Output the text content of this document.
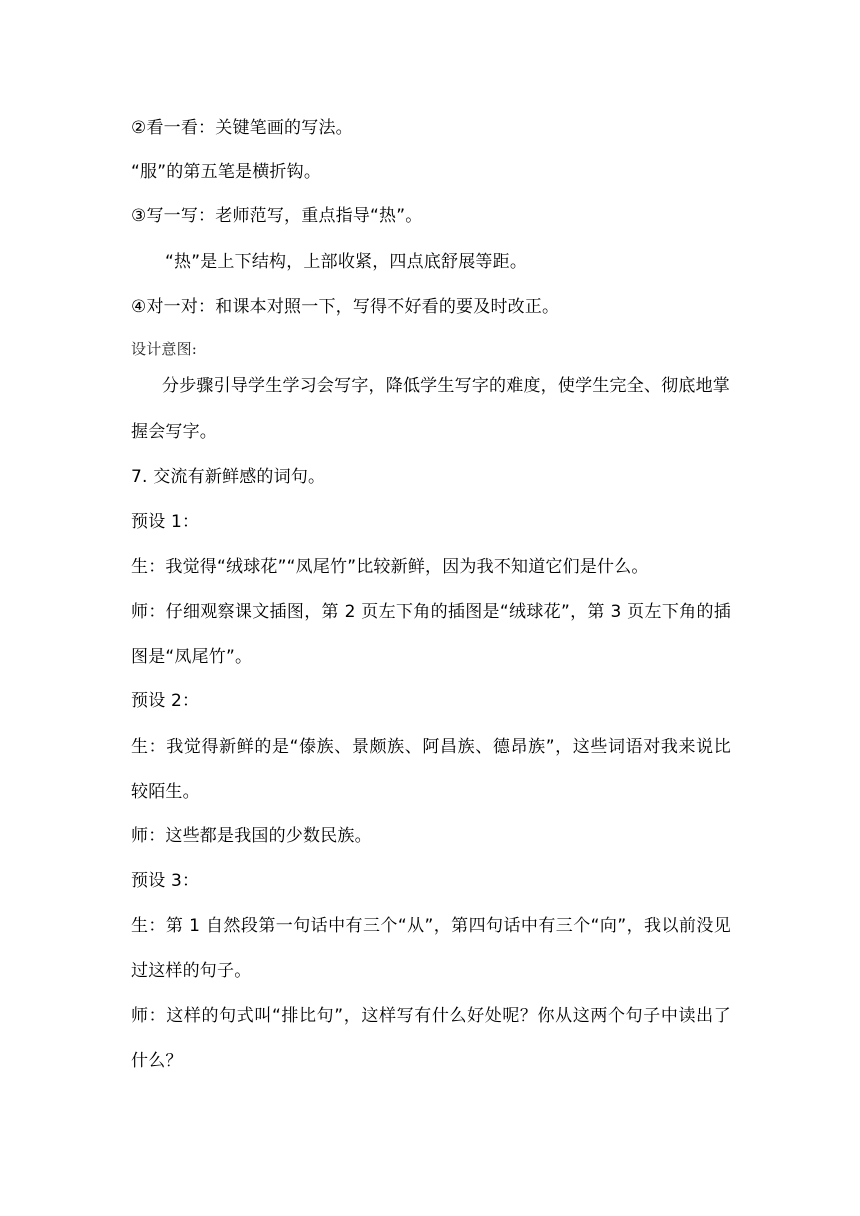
②看一看：关键笔画的写法。
“服”的第五笔是横折钩。
③写一写：老师范写，重点指导“热”。
“热”是上下结构，上部收紧，四点底舒展等距。
④对一对：和课本对照一下，写得不好看的要及时改正。
设计意图:
分步骤引导学生学习会写字，降低学生写字的难度，使学生完全、彻底地掌
握会写字。
7. 交流有新鲜感的词句。
预设 1：
生：我觉得“绒球花”“凤尾竹”比较新鲜，因为我不知道它们是什么。
师：仔细观察课文插图，第 2 页左下角的插图是“绒球花”，第 3 页左下角的插
图是“凤尾竹”。
预设 2：
生：我觉得新鲜的是“傣族、景颇族、阿昌族、德昂族”，这些词语对我来说比
较陌生。
师：这些都是我国的少数民族。
预设 3：
生：第 1 自然段第一句话中有三个“从”，第四句话中有三个“向”，我以前没见
过这样的句子。
师：这样的句式叫“排比句”，这样写有什么好处呢？你从这两个句子中读出了
什么？
